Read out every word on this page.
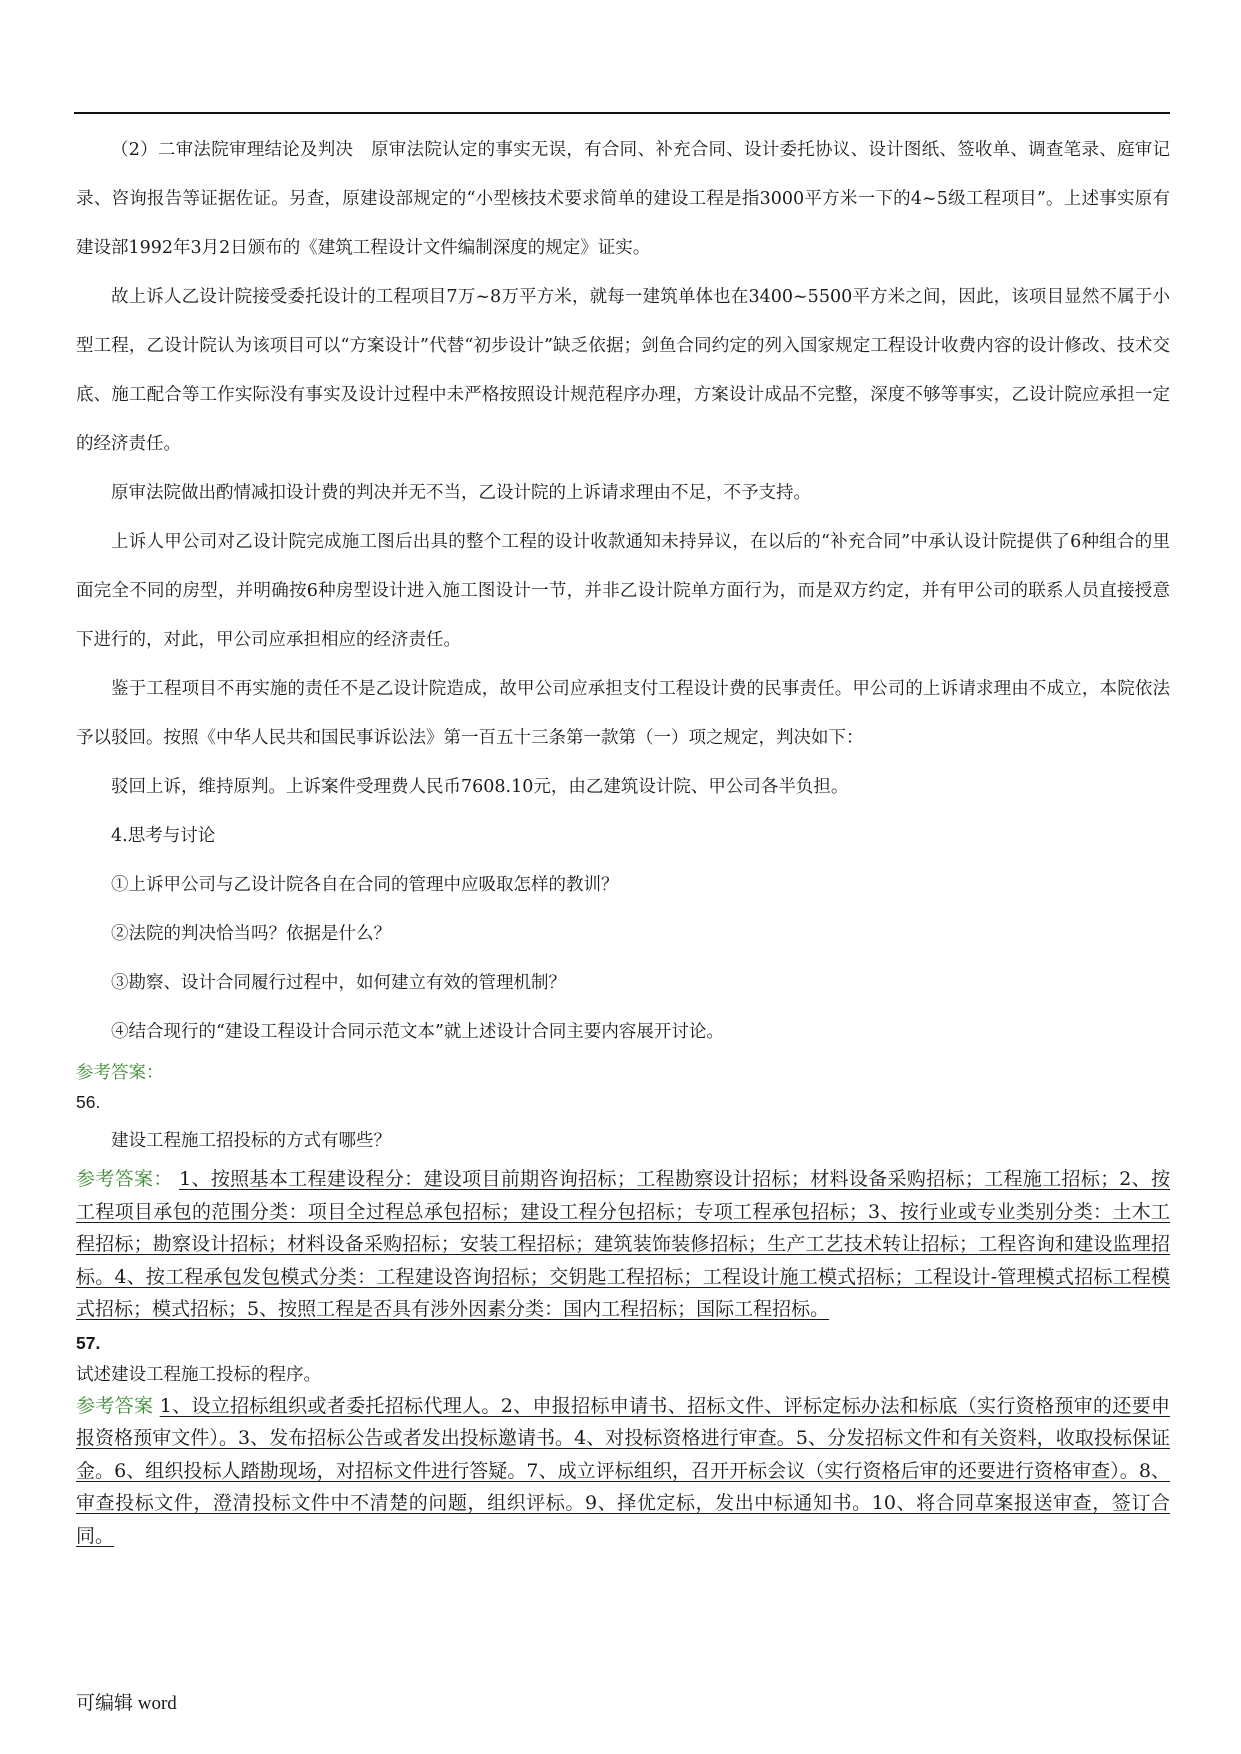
（2）二审法院审理结论及判决　原审法院认定的事实无误，有合同、补充合同、设计委托协议、设计图纸、签收单、调查笔录、庭审记录、咨询报告等证据佐证。另查，原建设部规定的“小型核技术要求简单的建设工程是指3000平方米一下的4~5级工程项目”。上述事实原有建设部1992年3月2日颁布的《建筑工程设计文件编制深度的规定》证实。

故上诉人乙设计院接受委托设计的工程项目7万~8万平方米，就每一建筑单体也在3400~5500平方米之间，因此，该项目显然不属于小型工程，乙设计院认为该项目可以“方案设计”代替“初步设计”缺乏依据；剑鱼合同约定的列入国家规定工程设计收费内容的设计修改、技术交底、施工配合等工作实际没有事实及设计过程中未严格按照设计规范程序办理，方案设计成品不完整，深度不够等事实，乙设计院应承担一定的经济责任。

原审法院做出酌情减扣设计费的判决并无不当，乙设计院的上诉请求理由不足，不予支持。

上诉人甲公司对乙设计院完成施工图后出具的整个工程的设计收款通知未持异议，在以后的“补充合同”中承认设计院提供了6种组合的里面完全不同的房型，并明确按6种房型设计进入施工图设计一节，并非乙设计院单方面行为，而是双方约定，并有甲公司的联系人员直接授意下进行的，对此，甲公司应承担相应的经济责任。

鉴于工程项目不再实施的责任不是乙设计院造成，故甲公司应承担支付工程设计费的民事责任。甲公司的上诉请求理由不成立，本院依法予以驳回。按照《中华人民共和国民事诉讼法》第一百五十三条第一款第（一）项之规定，判决如下：

驳回上诉，维持原判。上诉案件受理费人民币7608.10元，由乙建筑设计院、甲公司各半负担。

4.思考与讨论

①上诉甲公司与乙设计院各自在合同的管理中应吸取怎样的教训？

②法院的判决恰当吗？依据是什么？

③勘察、设计合同履行过程中，如何建立有效的管理机制？

④结合现行的“建设工程设计合同示范文本”就上述设计合同主要内容展开讨论。

参考答案：

56.

建设工程施工招投标的方式有哪些？

参考答案： 1、按照基本工程建设程分：建设项目前期咨询招标；工程勘察设计招标；材料设备采购招标；工程施工招标；2、按工程项目承包的范围分类：项目全过程总承包招标；建设工程分包招标；专项工程承包招标；3、按行业或专业类别分类：土木工程招标；勘察设计招标；材料设备采购招标；安装工程招标；建筑装饰装修招标；生产工艺技术转让招标；工程咨询和建设监理招标。4、按工程承包发包模式分类：工程建设咨询招标；交钥匙工程招标；工程设计施工模式招标；工程设计-管理模式招标工程模式招标；模式招标；5、按照工程是否具有涉外因素分类：国内工程招标；国际工程招标。

57.

试述建设工程施工投标的程序。

参考答案 1、设立招标组织或者委托招标代理人。2、申报招标申请书、招标文件、评标定标办法和标底（实行资格预审的还要申报资格预审文件）。3、发布招标公告或者发出投标邀请书。4、对投标资格进行审查。5、分发招标文件和有关资料，收取投标保证金。6、组织投标人踏勘现场，对招标文件进行答疑。7、成立评标组织，召开开标会议（实行资格后审的还要进行资格审查）。8、审查投标文件，澄清投标文件中不清楚的问题，组织评标。9、择优定标，发出中标通知书。10、将合同草案报送审查，签订合同。

可编辑 word
